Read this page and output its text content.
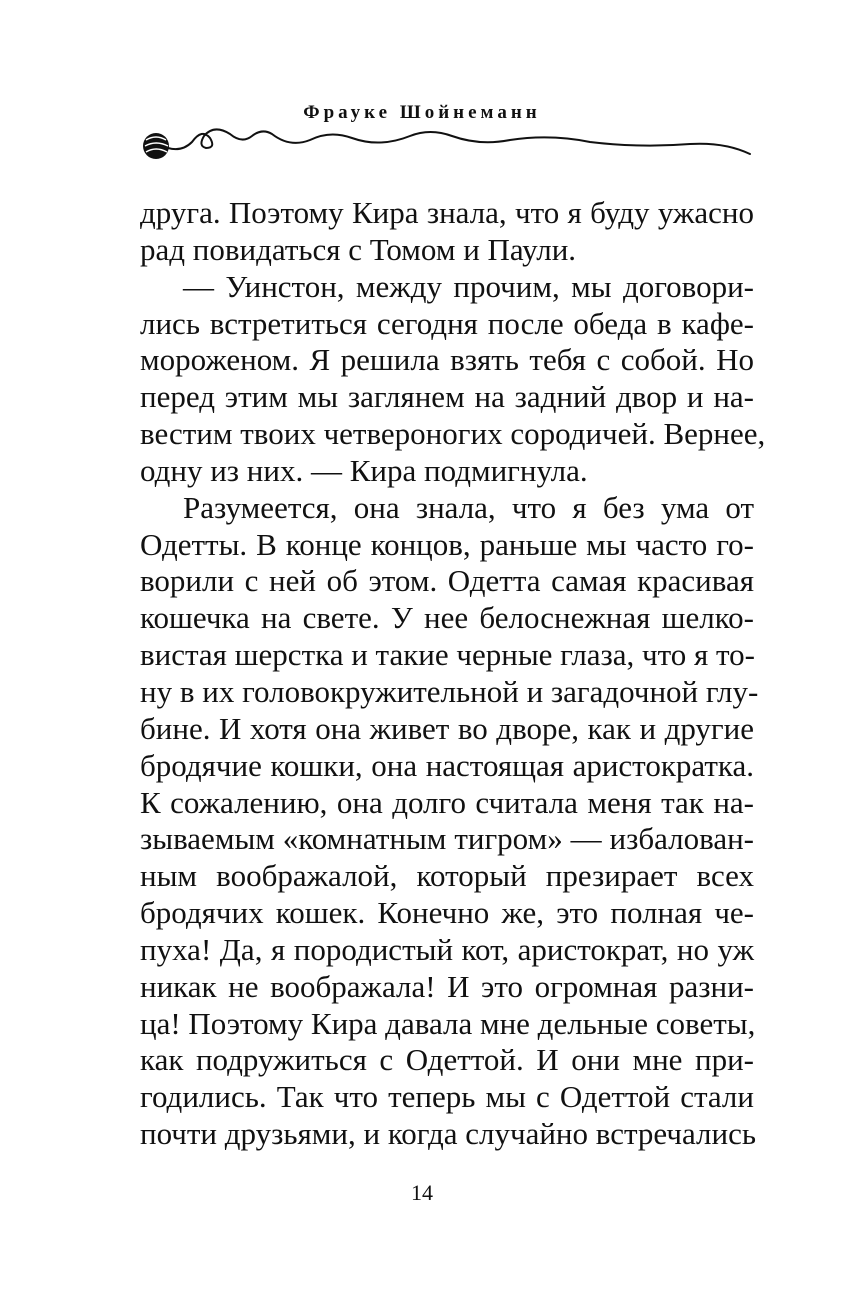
Фрауке Шойнеманн
друга. Поэтому Кира знала, что я буду ужасно
рад повидаться с Томом и Паули.
— Уинстон, между прочим, мы договори-
лись встретиться сегодня после обеда в кафе-
мороженом. Я решила взять тебя с собой. Но
перед этим мы заглянем на задний двор и на-
вестим твоих четвероногих сородичей. Вернее,
одну из них. — Кира подмигнула.
Разумеется, она знала, что я без ума от
Одетты. В конце концов, раньше мы часто го-
ворили с ней об этом. Одетта самая красивая
кошечка на свете. У нее белоснежная шелко-
вистая шерстка и такие черные глаза, что я то-
ну в их головокружительной и загадочной глу-
бине. И хотя она живет во дворе, как и другие
бродячие кошки, она настоящая аристократка.
К сожалению, она долго считала меня так на-
зываемым «комнатным тигром» — избалован-
ным воображалой, который презирает всех
бродячих кошек. Конечно же, это полная че-
пуха! Да, я породистый кот, аристократ, но уж
никак не воображала! И это огромная разни-
ца! Поэтому Кира давала мне дельные советы,
как подружиться с Одеттой. И они мне при-
годились. Так что теперь мы с Одеттой стали
почти друзьями, и когда случайно встречались
14
